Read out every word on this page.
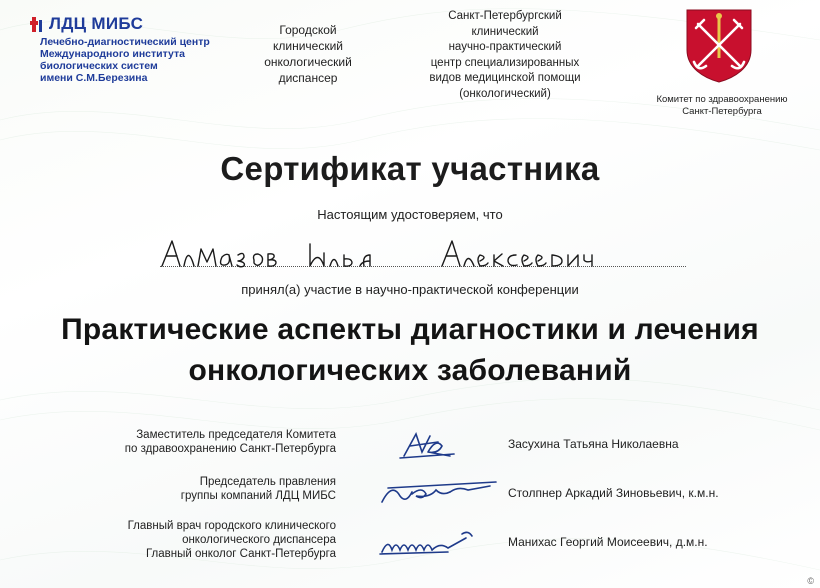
ЛДЦ МИБС
Лечебно-диагностический центр
Международного института
биологических систем
имени С.М.Березина
Городской
клинический
онкологический
диспансер
Санкт-Петербургский
клинический
научно-практический
центр специализированных
видов медицинской помощи
(онкологический)	Комитет по здравоохранению
Санкт-Петербурга
Сертификат участника
Настоящим удостоверяем, что
принял(а) участие в научно-практической конференции
Практические аспекты диагностики и лечения
онкологических заболеваний
Заместитель председателя Комитета
по здравоохранению Санкт-Петербурга	Засухина Татьяна Николаевна
Председатель правления
группы компаний ЛДЦ МИБС	Столпнер Аркадий Зиновьевич, к.м.н.
Главный врач городского клинического
онкологического диспансера
Главный онколог Санкт-Петербурга
Манихас Георгий Моисеевич, д.м.н.
©
